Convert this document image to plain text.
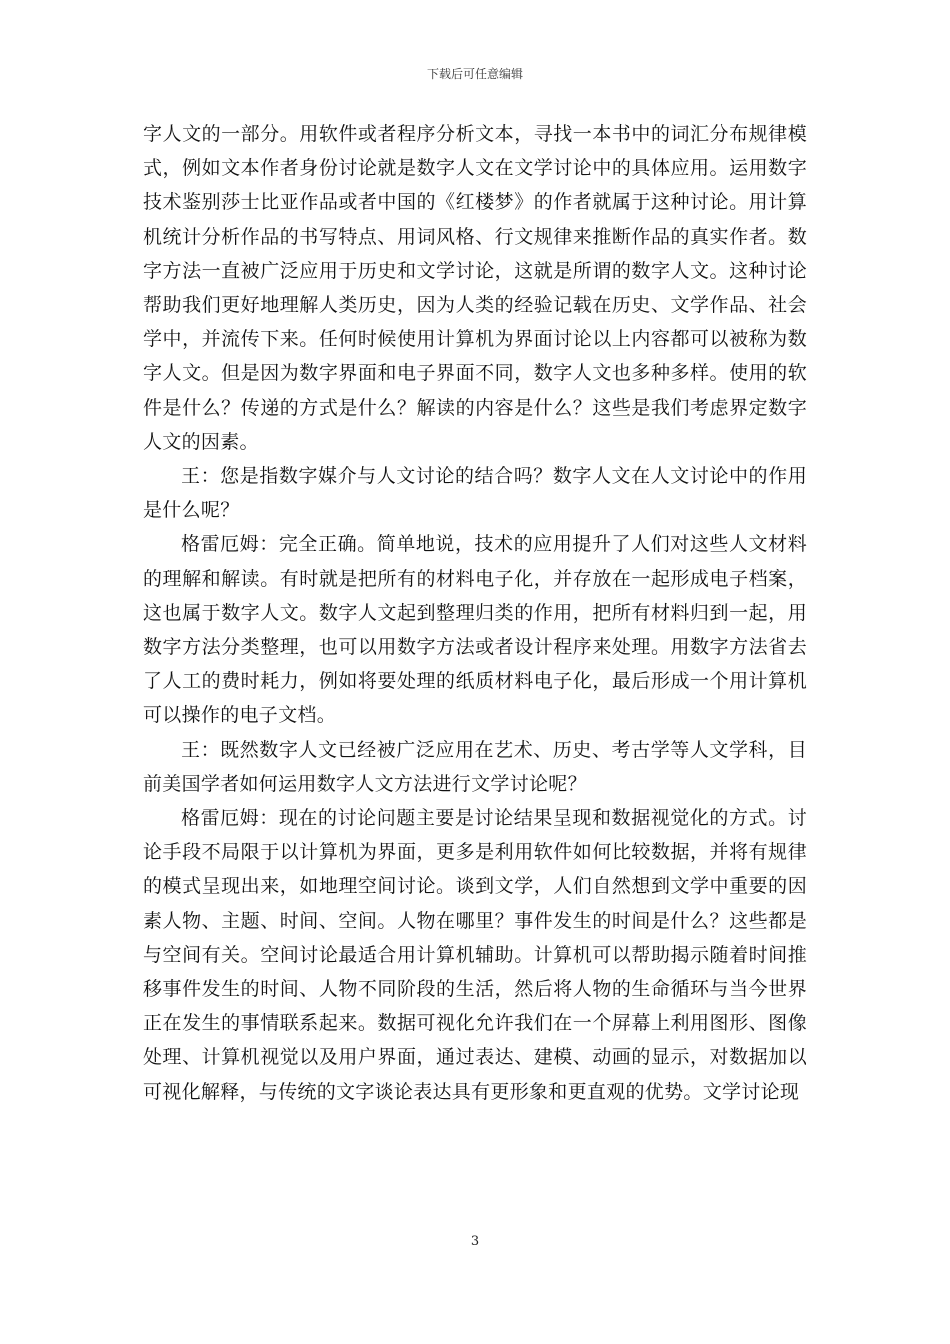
下载后可任意编辑

字人文的一部分。用软件或者程序分析文本，寻找一本书中的词汇分布规律模式，例如文本作者身份讨论就是数字人文在文学讨论中的具体应用。运用数字技术鉴别莎士比亚作品或者中国的《红楼梦》的作者就属于这种讨论。用计算机统计分析作品的书写特点、用词风格、行文规律来推断作品的真实作者。数字方法一直被广泛应用于历史和文学讨论，这就是所谓的数字人文。这种讨论帮助我们更好地理解人类历史，因为人类的经验记载在历史、文学作品、社会学中，并流传下来。任何时候使用计算机为界面讨论以上内容都可以被称为数字人文。但是因为数字界面和电子界面不同，数字人文也多种多样。使用的软件是什么？传递的方式是什么？解读的内容是什么？这些是我们考虑界定数字人文的因素。

王：您是指数字媒介与人文讨论的结合吗？数字人文在人文讨论中的作用是什么呢？

格雷厄姆：完全正确。简单地说，技术的应用提升了人们对这些人文材料的理解和解读。有时就是把所有的材料电子化，并存放在一起形成电子档案，这也属于数字人文。数字人文起到整理归类的作用，把所有材料归到一起，用数字方法分类整理，也可以用数字方法或者设计程序来处理。用数字方法省去了人工的费时耗力，例如将要处理的纸质材料电子化，最后形成一个用计算机可以操作的电子文档。

王：既然数字人文已经被广泛应用在艺术、历史、考古学等人文学科，目前美国学者如何运用数字人文方法进行文学讨论呢？

格雷厄姆：现在的讨论问题主要是讨论结果呈现和数据视觉化的方式。讨论手段不局限于以计算机为界面，更多是利用软件如何比较数据，并将有规律的模式呈现出来，如地理空间讨论。谈到文学，人们自然想到文学中重要的因素人物、主题、时间、空间。人物在哪里？事件发生的时间是什么？这些都是与空间有关。空间讨论最适合用计算机辅助。计算机可以帮助揭示随着时间推移事件发生的时间、人物不同阶段的生活，然后将人物的生命循环与当今世界正在发生的事情联系起来。数据可视化允许我们在一个屏幕上利用图形、图像处理、计算机视觉以及用户界面，通过表达、建模、动画的显示，对数据加以可视化解释，与传统的文字谈论表达具有更形象和更直观的优势。文学讨论现

3
